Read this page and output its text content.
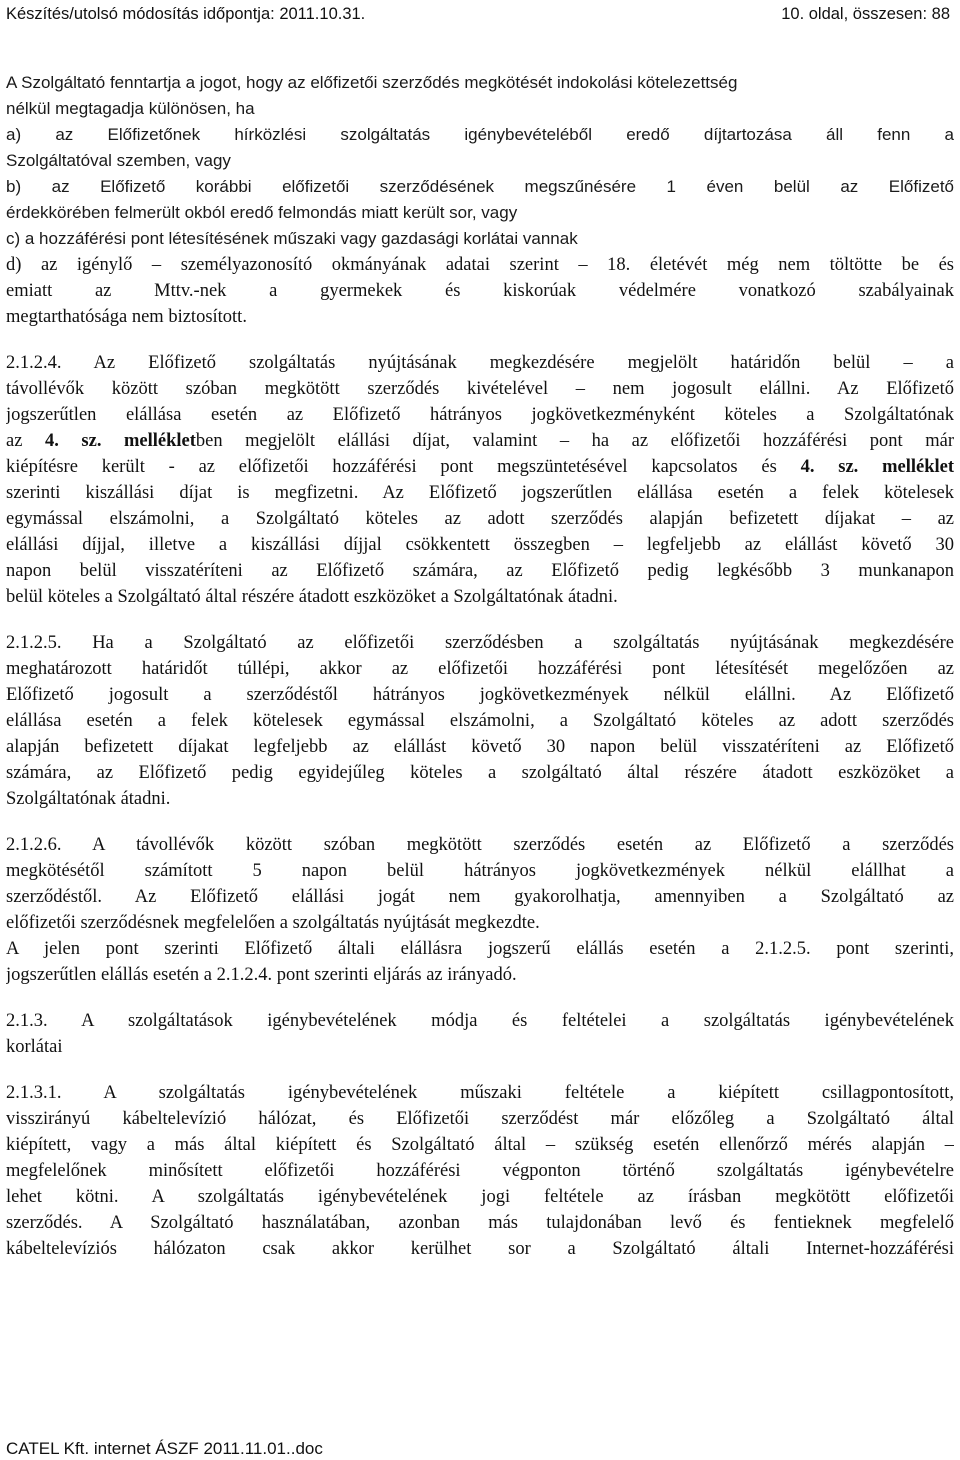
Készítés/utolsó módosítás időpontja: 2011.10.31.	10. oldal, összesen: 88
A Szolgáltató fenntartja a jogot, hogy az előfizetői szerződés megkötését indokolási kötelezettség
nélkül megtagadja különösen, ha
a) az Előfizetőnek hírközlési szolgáltatás igénybevételéből eredő díjtartozása áll fenn a
Szolgáltatóval szemben, vagy
b) az Előfizető korábbi előfizetői szerződésének megszűnésére 1 éven belül az Előfizető
érdekkörében felmerült okból eredő felmondás miatt került sor, vagy
c) a hozzáférési pont létesítésének műszaki vagy gazdasági korlátai vannak
d) az igénylő – személyazonosító okmányának adatai szerint – 18. életévét még nem töltötte be és
emiatt az Mttv.-nek a gyermekek és kiskorúak védelmére vonatkozó szabályainak
megtarthatósága nem biztosított.
2.1.2.4. Az Előfizető szolgáltatás nyújtásának megkezdésére megjelölt határidőn belül – a
távollévők között szóban megkötött szerződés kivételével – nem jogosult elállni. Az Előfizető
jogszerűtlen elállása esetén az Előfizető hátrányos jogkövetkezményként köteles a Szolgáltatónak
az 4. sz. mellékletben megjelölt elállási díjat, valamint – ha az előfizetői hozzáférési pont már
kiépítésre került - az előfizetői hozzáférési pont megszüntetésével kapcsolatos és 4. sz. melléklet
szerinti kiszállási díjat is megfizetni. Az Előfizető jogszerűtlen elállása esetén a felek kötelesek
egymással elszámolni, a Szolgáltató köteles az adott szerződés alapján befizetett díjakat – az
elállási díjjal, illetve a kiszállási díjjal csökkentett összegben – legfeljebb az elállást követő 30
napon belül visszatéríteni az Előfizető számára, az Előfizető pedig legkésőbb 3 munkanapon
belül köteles a Szolgáltató által részére átadott eszközöket a Szolgáltatónak átadni.
2.1.2.5. Ha a Szolgáltató az előfizetői szerződésben a szolgáltatás nyújtásának megkezdésére
meghatározott határidőt túllépi, akkor az előfizetői hozzáférési pont létesítését megelőzően az
Előfizető jogosult a szerződéstől hátrányos jogkövetkezmények nélkül elállni. Az Előfizető
elállása esetén a felek kötelesek egymással elszámolni, a Szolgáltató köteles az adott szerződés
alapján befizetett díjakat legfeljebb az elállást követő 30 napon belül visszatéríteni az Előfizető
számára, az Előfizető pedig egyidejűleg köteles a szolgáltató által részére átadott eszközöket a
Szolgáltatónak átadni.
2.1.2.6. A távollévők között szóban megkötött szerződés esetén az Előfizető a szerződés
megkötésétől számított 5 napon belül hátrányos jogkövetkezmények nélkül elállhat a
szerződéstől. Az Előfizető elállási jogát nem gyakorolhatja, amennyiben a Szolgáltató az
előfizetői szerződésnek megfelelően a szolgáltatás nyújtását megkezdte.
A jelen pont szerinti Előfizető általi elállásra jogszerű elállás esetén a 2.1.2.5. pont szerinti,
jogszerűtlen elállás esetén a 2.1.2.4. pont szerinti eljárás az irányadó.
2.1.3. A szolgáltatások igénybevételének módja és feltételei a szolgáltatás igénybevételének
korlátai
2.1.3.1. A szolgáltatás igénybevételének műszaki feltétele a kiépített csillagpontosított,
visszirányú kábeltelevízió hálózat, és Előfizetői szerződést már előzőleg a Szolgáltató által
kiépített, vagy a más által kiépített és Szolgáltató által – szükség esetén ellenőrző mérés alapján –
megfelelőnek minősített előfizetői hozzáférési végponton történő szolgáltatás igénybevételre
lehet kötni. A szolgáltatás igénybevételének jogi feltétele az írásban megkötött előfizetői
szerződés. A Szolgáltató használatában, azonban más tulajdonában levő és fentieknek megfelelő
kábeltelevíziós hálózaton csak akkor kerülhet sor a Szolgáltató általi Internet-hozzáférési
CATEL Kft. internet ÁSZF 2011.11.01..doc
